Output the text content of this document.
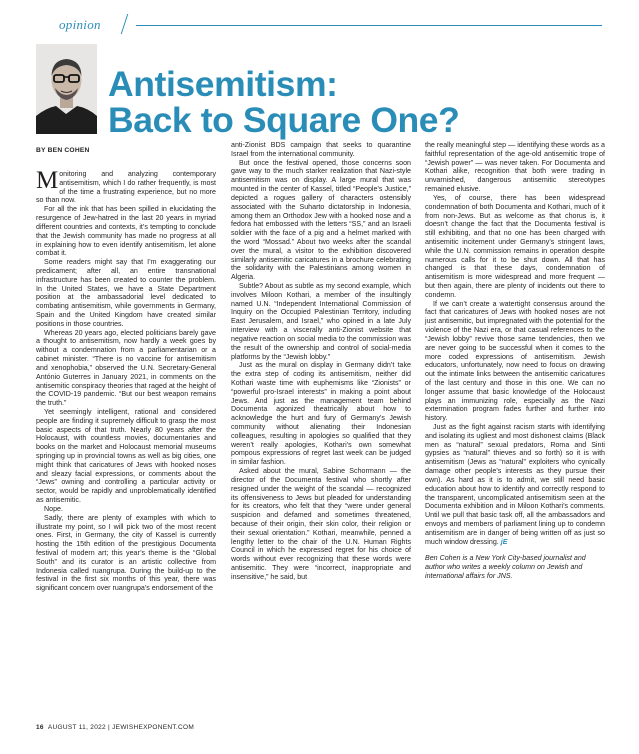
opinion
Antisemitism:
Back to Square One?
BY BEN COHEN

Monitoring and analyzing contemporary antisemitism, which I do rather frequently, is most of the time a frustrating experience, but no more so than now.

For all the ink that has been spilled in elucidating the resurgence of Jew-hatred in the last 20 years in myriad different countries and contexts, it’s tempting to conclude that the Jewish community has made no progress at all in explaining how to even identify antisemitism, let alone combat it.

Some readers might say that I’m exaggerating our predicament; after all, an entire transnational infrastructure has been created to counter the problem. In the United States, we have a State Department position at the ambassadorial level dedicated to combating antisemitism, while governments in Germany, Spain and the United Kingdom have created similar positions in those countries.

Whereas 20 years ago, elected politicians barely gave a thought to antisemitism, now hardly a week goes by without a condemnation from a parliamentarian or a cabinet minister. “There is no vaccine for antisemitism and xenophobia,” observed the U.N. Secretary-General António Guterres in January 2021, in comments on the antisemitic conspiracy theories that raged at the height of the COVID-19 pandemic. “But our best weapon remains the truth.”

Yet seemingly intelligent, rational and considered people are finding it supremely difficult to grasp the most basic aspects of that truth. Nearly 80 years after the Holocaust, with countless movies, documentaries and books on the market and Holocaust memorial museums springing up in provincial towns as well as big cities, one might think that caricatures of Jews with hooked noses and sleazy facial expressions, or comments about the “Jews” owning and controlling a particular activity or sector, would be rapidly and unproblematically identified as antisemitic.

Nope.

Sadly, there are plenty of examples with which to illustrate my point, so I will pick two of the most recent ones. First, in Germany, the city of Kassel is currently hosting the 15th edition of the prestigious Documenta festival of modern art; this year’s theme is the “Global South” and its curator is an artistic collective from Indonesia called ruangrupa. During the build-up to the festival in the first six months of this year, there was significant concern over ruangrupa’s endorsement of the

anti-Zionist BDS campaign that seeks to quarantine Israel from the international community.

But once the festival opened, those concerns soon gave way to the much starker realization that Nazi-style antisemitism was on display. A large mural that was mounted in the center of Kassel, titled “People’s Justice,” depicted a rogues gallery of characters ostensibly associated with the Suharto dictatorship in Indonesia, among them an Orthodox Jew with a hooked nose and a fedora hat embossed with the letters “SS,” and an Israeli soldier with the face of a pig and a helmet marked with the word “Mossad.” About two weeks after the scandal over the mural, a visitor to the exhibition discovered similarly antisemitic caricatures in a brochure celebrating the solidarity with the Palestinians among women in Algeria.

Subtle? About as subtle as my second example, which involves Miloon Kothari, a member of the insultingly named U.N. “Independent International Commission of Inquiry on the Occupied Palestinian Territory, including East Jerusalem, and Israel,” who opined in a late July interview with a viscerally anti-Zionist website that negative reaction on social media to the commission was the result of the ownership and control of social-media platforms by the “Jewish lobby.”

Just as the mural on display in Germany didn’t take the extra step of coding its antisemitism, neither did Kothari waste time with euphemisms like “Zionists” or “powerful pro-Israel interests” in making a point about Jews. And just as the management team behind Documenta agonized theatrically about how to acknowledge the hurt and fury of Germany’s Jewish community without alienating their Indonesian colleagues, resulting in apologies so qualified that they weren’t really apologies, Kothari’s own somewhat pompous expressions of regret last week can be judged in similar fashion.

Asked about the mural, Sabine Schormann — the director of the Documenta festival who shortly after resigned under the weight of the scandal — recognized its offensiveness to Jews but pleaded for understanding for its creators, who felt that they “were under general suspicion and defamed and sometimes threatened, because of their origin, their skin color, their religion or their sexual orientation.” Kothari, meanwhile, penned a lengthy letter to the chair of the U.N. Human Rights Council in which he expressed regret for his choice of words without ever recognizing that these words were antisemitic. They were “incorrect, inappropriate and insensitive,” he said, but

the really meaningful step — identifying these words as a faithful representation of the age-old antisemitic trope of “Jewish power” — was never taken. For Documenta and Kothari alike, recognition that both were trading in unvarnished, dangerous antisemitic stereotypes remained elusive.

Yes, of course, there has been widespread condemnation of both Documenta and Kothari, much of it from non-Jews. But as welcome as that chorus is, it doesn’t change the fact that the Documenta festival is still exhibiting, and that no one has been charged with antisemitic incitement under Germany’s stringent laws, while the U.N. commission remains in operation despite numerous calls for it to be shut down. All that has changed is that these days, condemnation of antisemitism is more widespread and more frequent — but then again, there are plenty of incidents out there to condemn.

If we can’t create a watertight consensus around the fact that caricatures of Jews with hooked noses are not just antisemitic, but impregnated with the potential for the violence of the Nazi era, or that casual references to the “Jewish lobby” revive those same tendencies, then we are never going to be successful when it comes to the more coded expressions of antisemitism. Jewish educators, unfortunately, now need to focus on drawing out the intimate links between the antisemitic caricatures of the last century and those in this one. We can no longer assume that basic knowledge of the Holocaust plays an immunizing role, especially as the Nazi extermination program fades further and further into history.

Just as the fight against racism starts with identifying and isolating its ugliest and most dishonest claims (Black men as “natural” sexual predators, Roma and Sinti gypsies as “natural” thieves and so forth) so it is with antisemitism (Jews as “natural” exploiters who cynically damage other people’s interests as they pursue their own). As hard as it is to admit, we still need basic education about how to identify and correctly respond to the transparent, uncomplicated antisemitism seen at the Documenta exhibition and in Miloon Kothari’s comments. Until we pull that basic task off, all the ambassadors and envoys and members of parliament lining up to condemn antisemitism are in danger of being written off as just so much window dressing. jE

Ben Cohen is a New York City-based journalist and author who writes a weekly column on Jewish and international affairs for JNS.

16 AUGUST 11, 2022 | JEWISHEXPONENT.COM
